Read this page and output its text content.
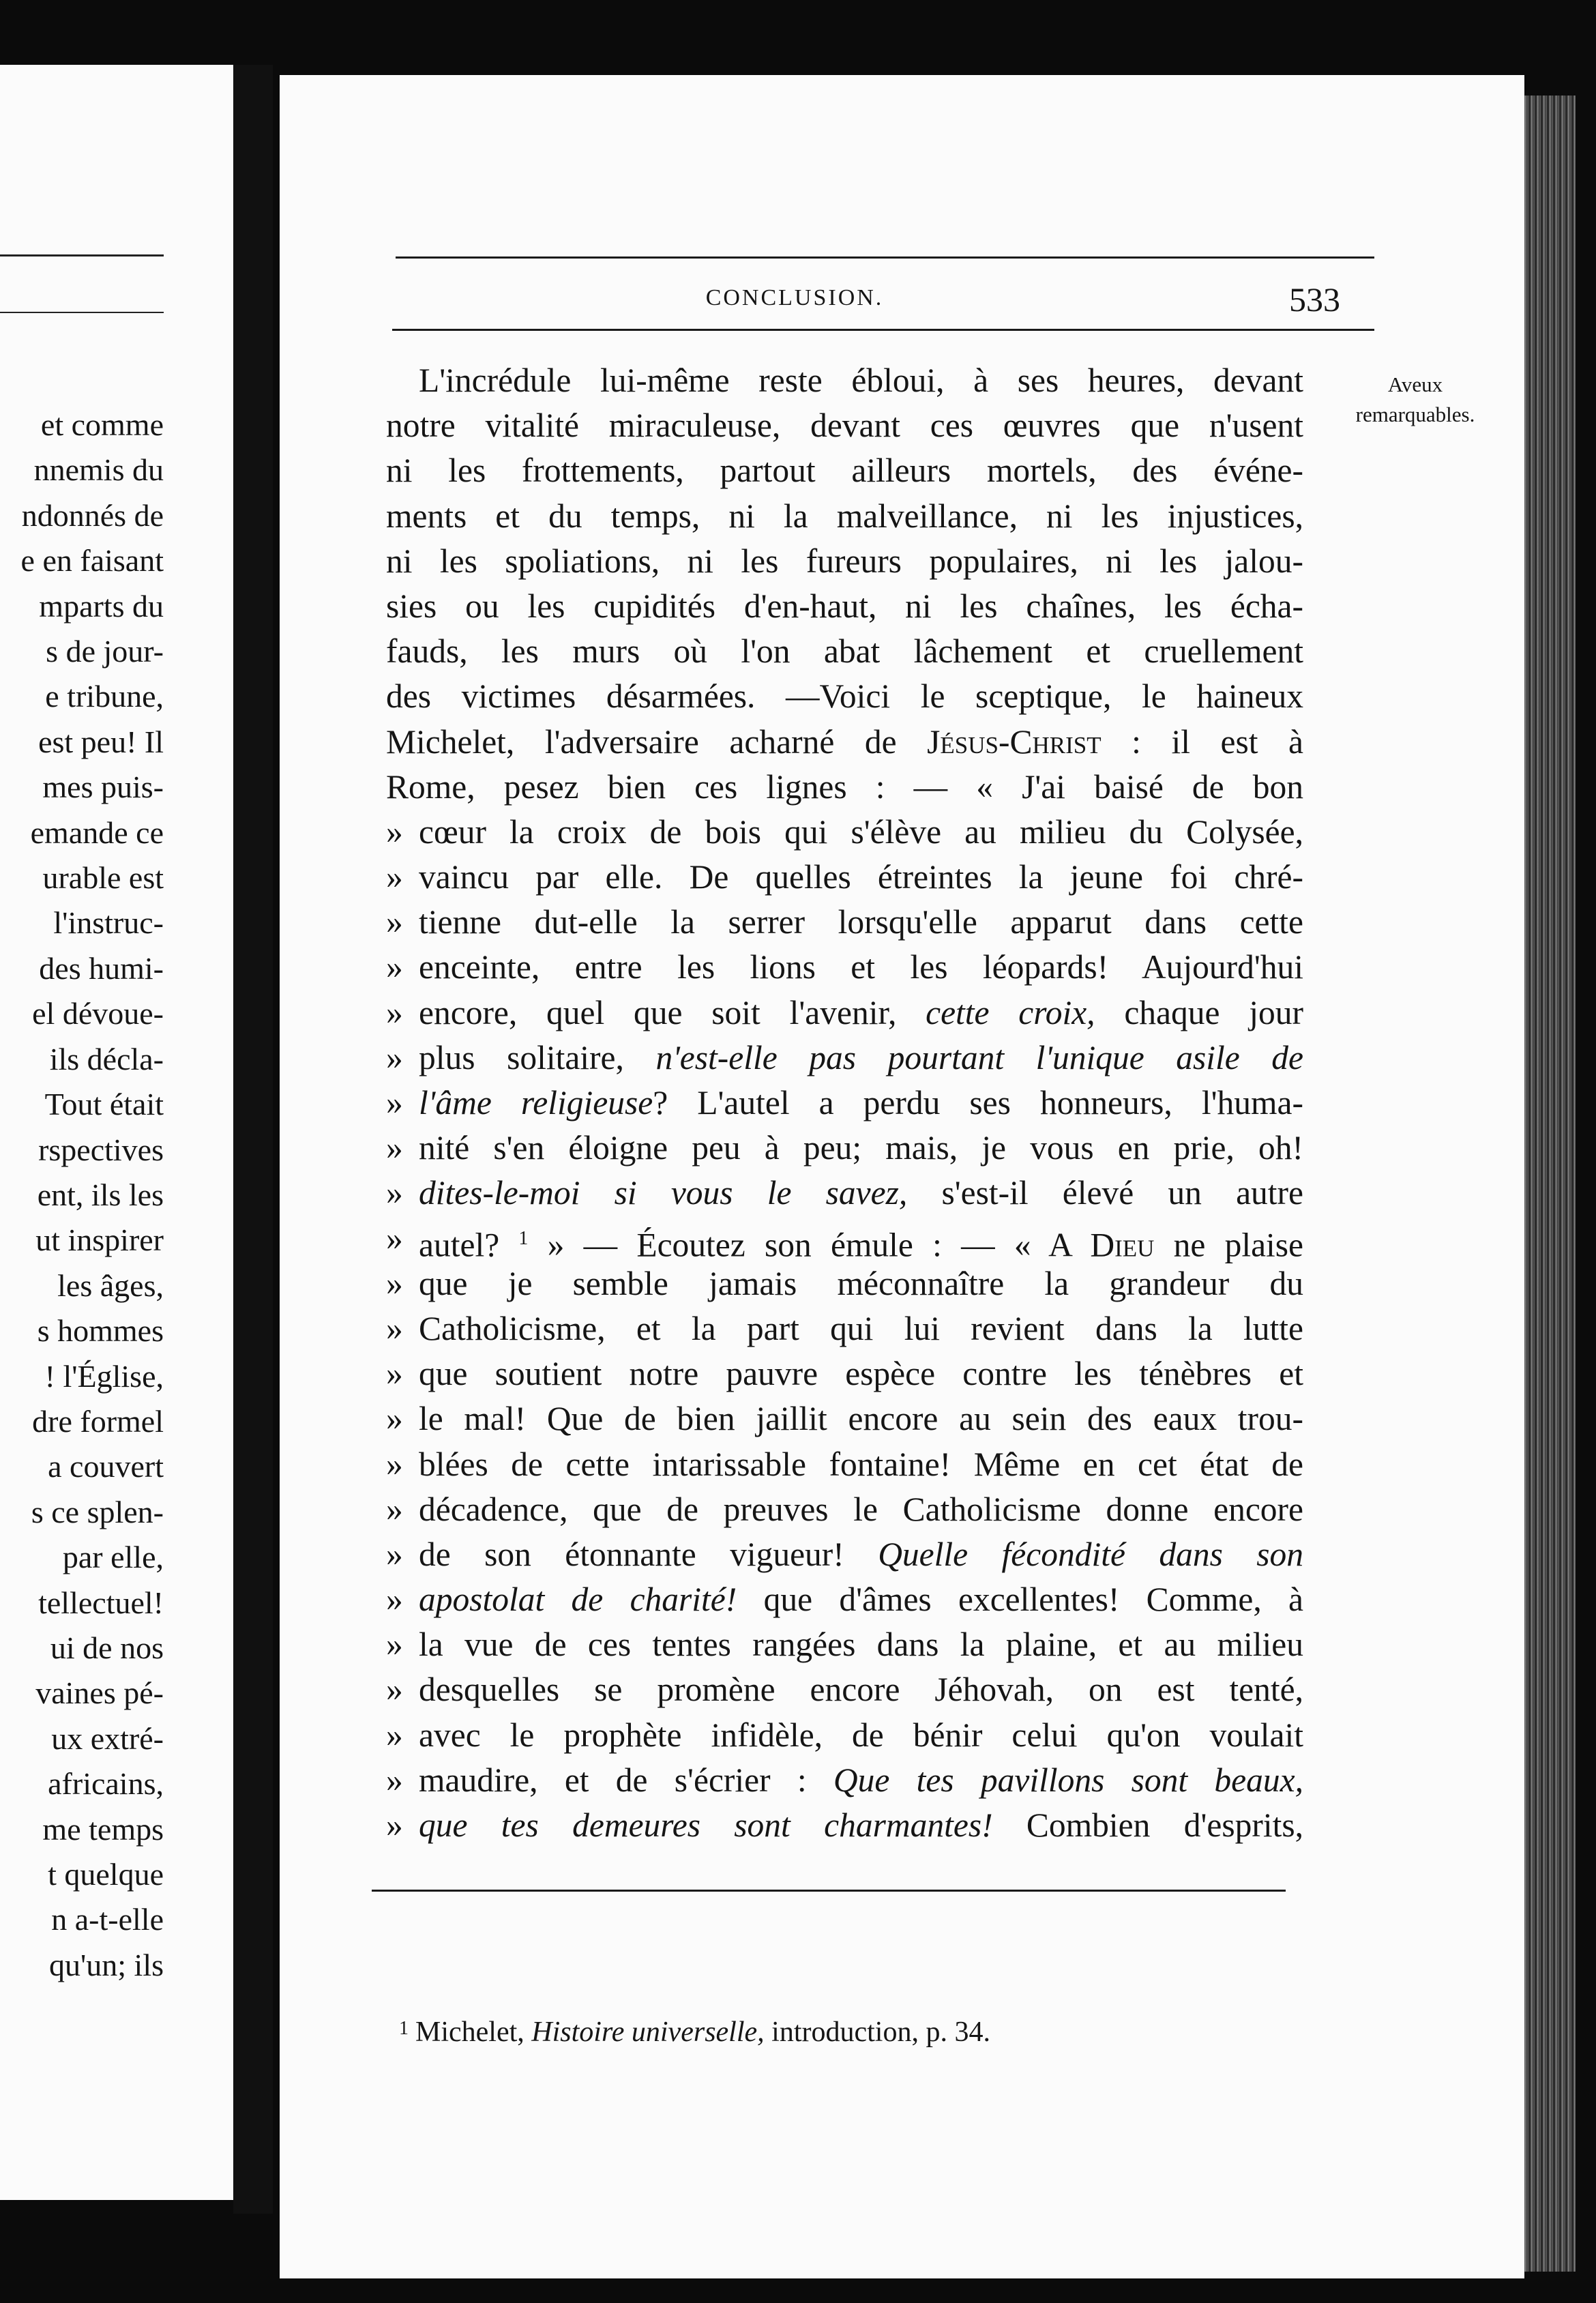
et comme
nnemis du
ndonnés de
e en faisant
mparts du
s de jour-
e tribune,
est peu! Il
mes puis-
emande ce
urable est
l'instruc-
des humi-
el dévoue-
ils décla-
Tout était
rspectives
ent, ils les
ut inspirer
les âges,
s hommes
! l'Église,
dre formel
a couvert
s ce splen-
par elle,
tellectuel!
ui de nos
vaines pé-
ux extré-
africains,
me temps
t quelque
n a-t-elle
qu'un; ils
CONCLUSION.	533
Aveux
remarquables.
L'incrédule lui-même reste ébloui, à ses heures, devant
notre vitalité miraculeuse, devant ces œuvres que n'usent
ni les frottements, partout ailleurs mortels, des événe-
ments et du temps, ni la malveillance, ni les injustices,
ni les spoliations, ni les fureurs populaires, ni les jalou-
sies ou les cupidités d'en-haut, ni les chaînes, les écha-
fauds, les murs où l'on abat lâchement et cruellement
des victimes désarmées. —Voici le sceptique, le haineux
Michelet, l'adversaire acharné de Jésus-Christ : il est à
Rome, pesez bien ces lignes : — « J'ai baisé de bon
» cœur la croix de bois qui s'élève au milieu du Colysée,
» vaincu par elle. De quelles étreintes la jeune foi chré-
» tienne dut-elle la serrer lorsqu'elle apparut dans cette
» enceinte, entre les lions et les léopards! Aujourd'hui
» encore, quel que soit l'avenir, cette croix, chaque jour
» plus solitaire, n'est-elle pas pourtant l'unique asile de
» l'âme religieuse? L'autel a perdu ses honneurs, l'huma-
» nité s'en éloigne peu à peu; mais, je vous en prie, oh!
» dites-le-moi si vous le savez, s'est-il élevé un autre
» autel? $^1$ » — Écoutez son émule : — « A Dieu ne plaise
» que je semble jamais méconnaître la grandeur du
» Catholicisme, et la part qui lui revient dans la lutte
» que soutient notre pauvre espèce contre les ténèbres et
» le mal! Que de bien jaillit encore au sein des eaux trou-
» blées de cette intarissable fontaine! Même en cet état de
» décadence, que de preuves le Catholicisme donne encore
» de son étonnante vigueur! Quelle fécondité dans son
» apostolat de charité! que d'âmes excellentes! Comme, à
» la vue de ces tentes rangées dans la plaine, et au milieu
» desquelles se promène encore Jéhovah, on est tenté,
» avec le prophète infidèle, de bénir celui qu'on voulait
» maudire, et de s'écrier : Que tes pavillons sont beaux,
» que tes demeures sont charmantes! Combien d'esprits,
$^1$ Michelet, Histoire universelle, introduction, p. 34.
